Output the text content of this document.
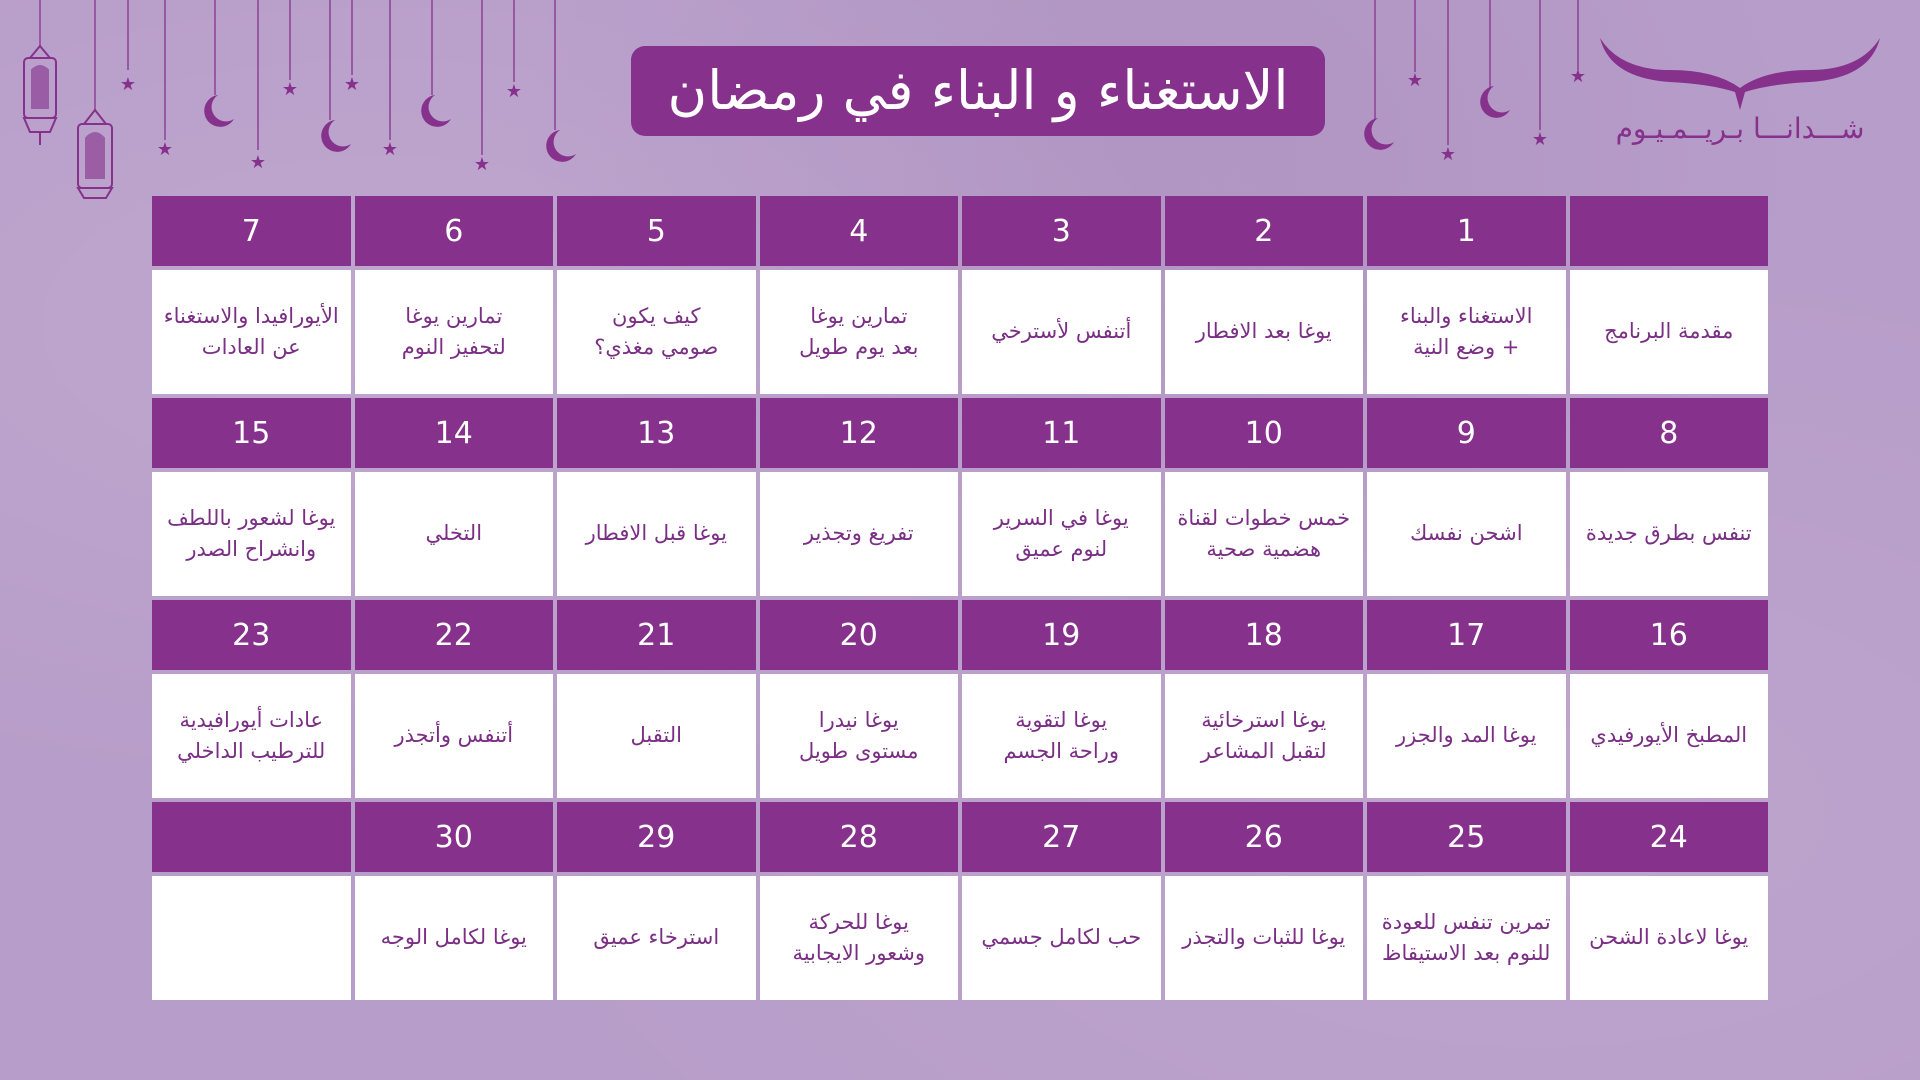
★
★
★
★	★
★
★
★
★
★
★
★
الاستغناء و البناء في رمضان
شـــدانـــا بـريــمـيـوم
1
2
3
4
5
6
7
مقدمة البرنامج
الاستغناء والبناء
+ وضع النية
يوغا بعد الافطار
أتنفس لأسترخي
تمارين يوغا
بعد يوم طويل
كيف يكون
صومي مغذي؟
تمارين يوغا
لتحفيز النوم
الأيورافيدا والاستغناء
عن العادات
8
9
10
11
12
13
14
15
تنفس بطرق جديدة
اشحن نفسك
خمس خطوات لقناة
هضمية صحية
يوغا في السرير
لنوم عميق
تفريغ وتجذير
يوغا قبل الافطار
التخلي
يوغا لشعور باللطف
وانشراح الصدر
16
17
18
19
20
21
22
23
المطبخ الأيورفيدي
يوغا المد والجزر
يوغا استرخائية
لتقبل المشاعر
يوغا لتقوية
وراحة الجسم
يوغا نيدرا
مستوى طويل
التقبل
أتنفس وأتجذر
عادات أيورافيدية
للترطيب الداخلي
24
25
26
27
28
29
30
يوغا لاعادة الشحن
تمرين تنفس للعودة
للنوم بعد الاستيقاظ
يوغا للثبات والتجذر
حب لكامل جسمي
يوغا للحركة
وشعور الايجابية
استرخاء عميق
يوغا لكامل الوجه
